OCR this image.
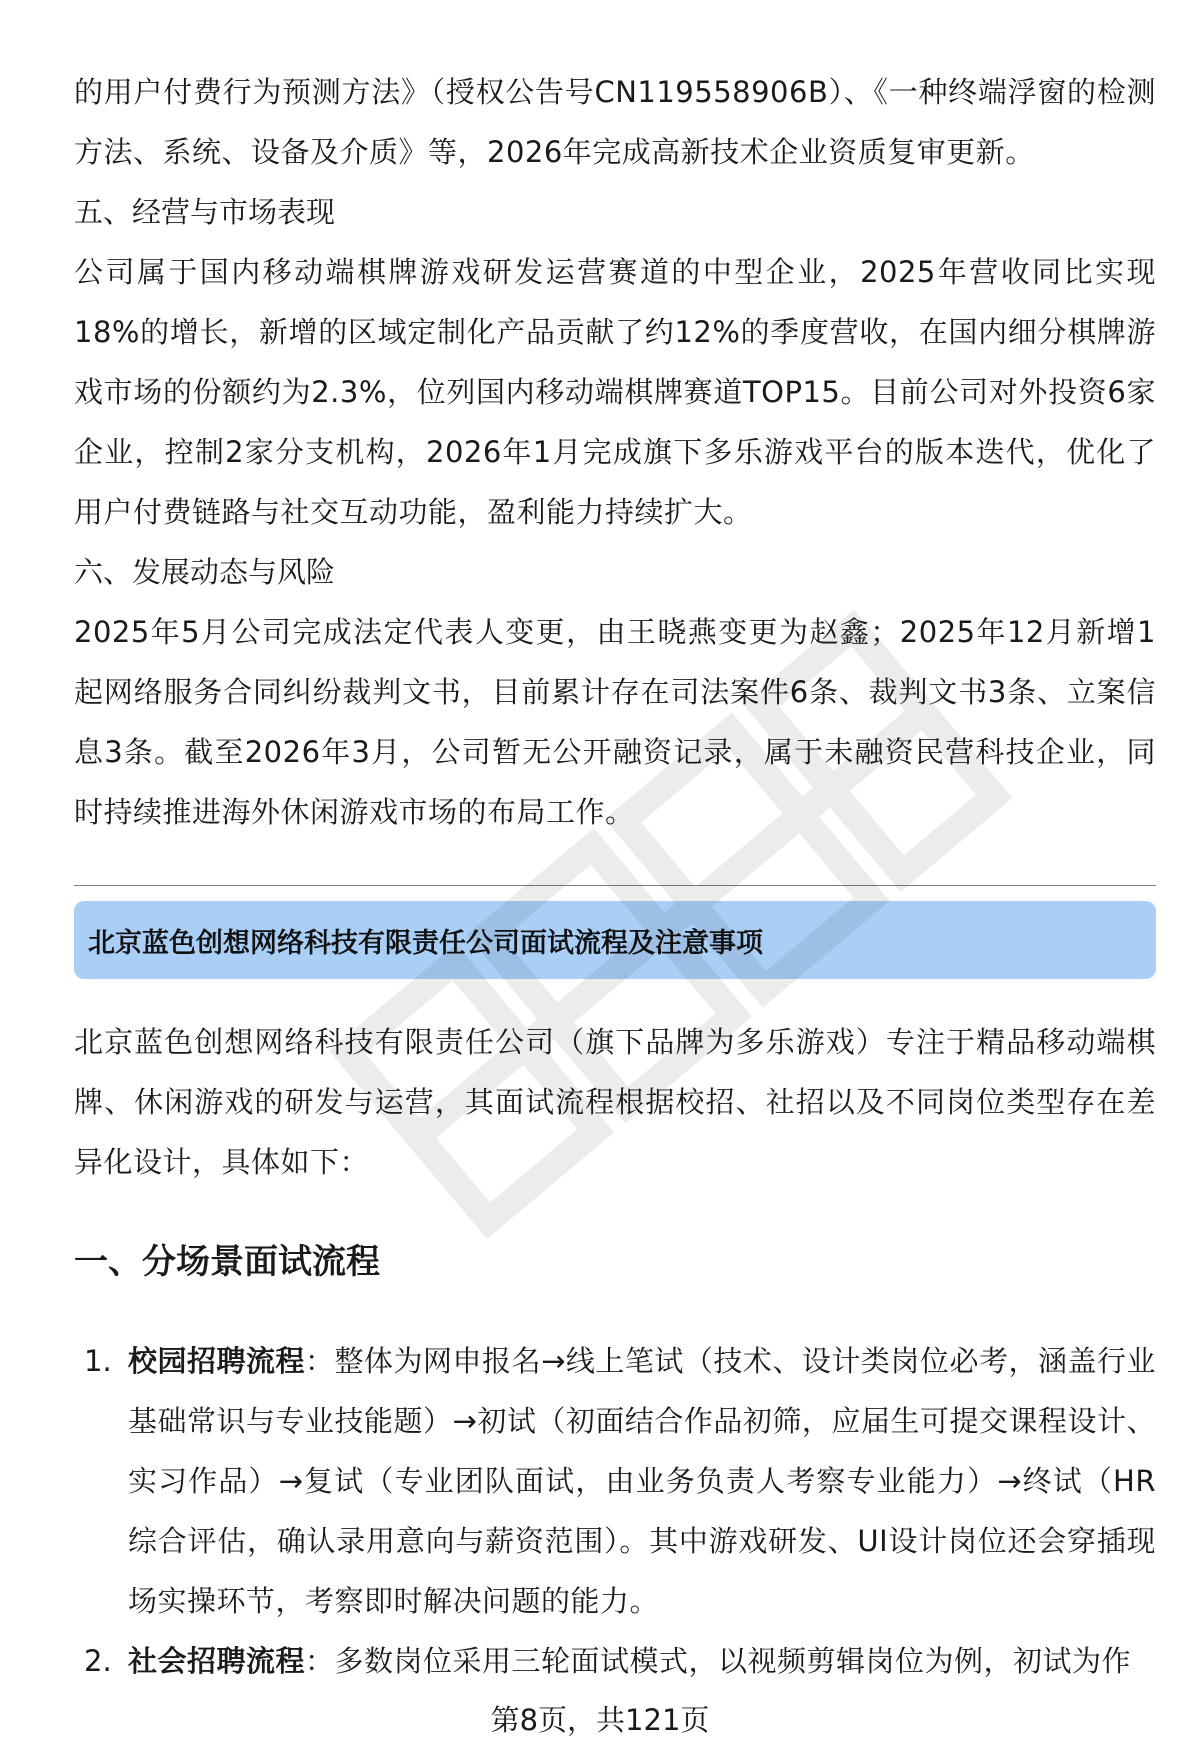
的用户付费行为预测方法》（授权公告号CN119558906B）、《一种终端浮窗的检测方法、系统、设备及介质》等，2026年完成高新技术企业资质复审更新。

五、经营与市场表现

公司属于国内移动端棋牌游戏研发运营赛道的中型企业，2025年营收同比实现18%的增长，新增的区域定制化产品贡献了约12%的季度营收，在国内细分棋牌游戏市场的份额约为2.3%，位列国内移动端棋牌赛道TOP15。目前公司对外投资6家企业，控制2家分支机构，2026年1月完成旗下多乐游戏平台的版本迭代，优化了用户付费链路与社交互动功能，盈利能力持续扩大。

六、发展动态与风险

2025年5月公司完成法定代表人变更，由王晓燕变更为赵鑫；2025年12月新增1起网络服务合同纠纷裁判文书，目前累计存在司法案件6条、裁判文书3条、立案信息3条。截至2026年3月，公司暂无公开融资记录，属于未融资民营科技企业，同时持续推进海外休闲游戏市场的布局工作。

北京蓝色创想网络科技有限责任公司面试流程及注意事项

北京蓝色创想网络科技有限责任公司（旗下品牌为多乐游戏）专注于精品移动端棋牌、休闲游戏的研发与运营，其面试流程根据校招、社招以及不同岗位类型存在差异化设计，具体如下：

一、分场景面试流程
1. 校园招聘流程：整体为网申报名→线上笔试（技术、设计类岗位必考，涵盖行业基础常识与专业技能题）→初试（初面结合作品初筛，应届生可提交课程设计、实习作品）→复试（专业团队面试，由业务负责人考察专业能力）→终试（HR综合评估，确认录用意向与薪资范围）。其中游戏研发、UI设计岗位还会穿插现场实操环节，考察即时解决问题的能力。

2. 社会招聘流程：多数岗位采用三轮面试模式，以视频剪辑岗位为例，初试为作

第8页，共121页
